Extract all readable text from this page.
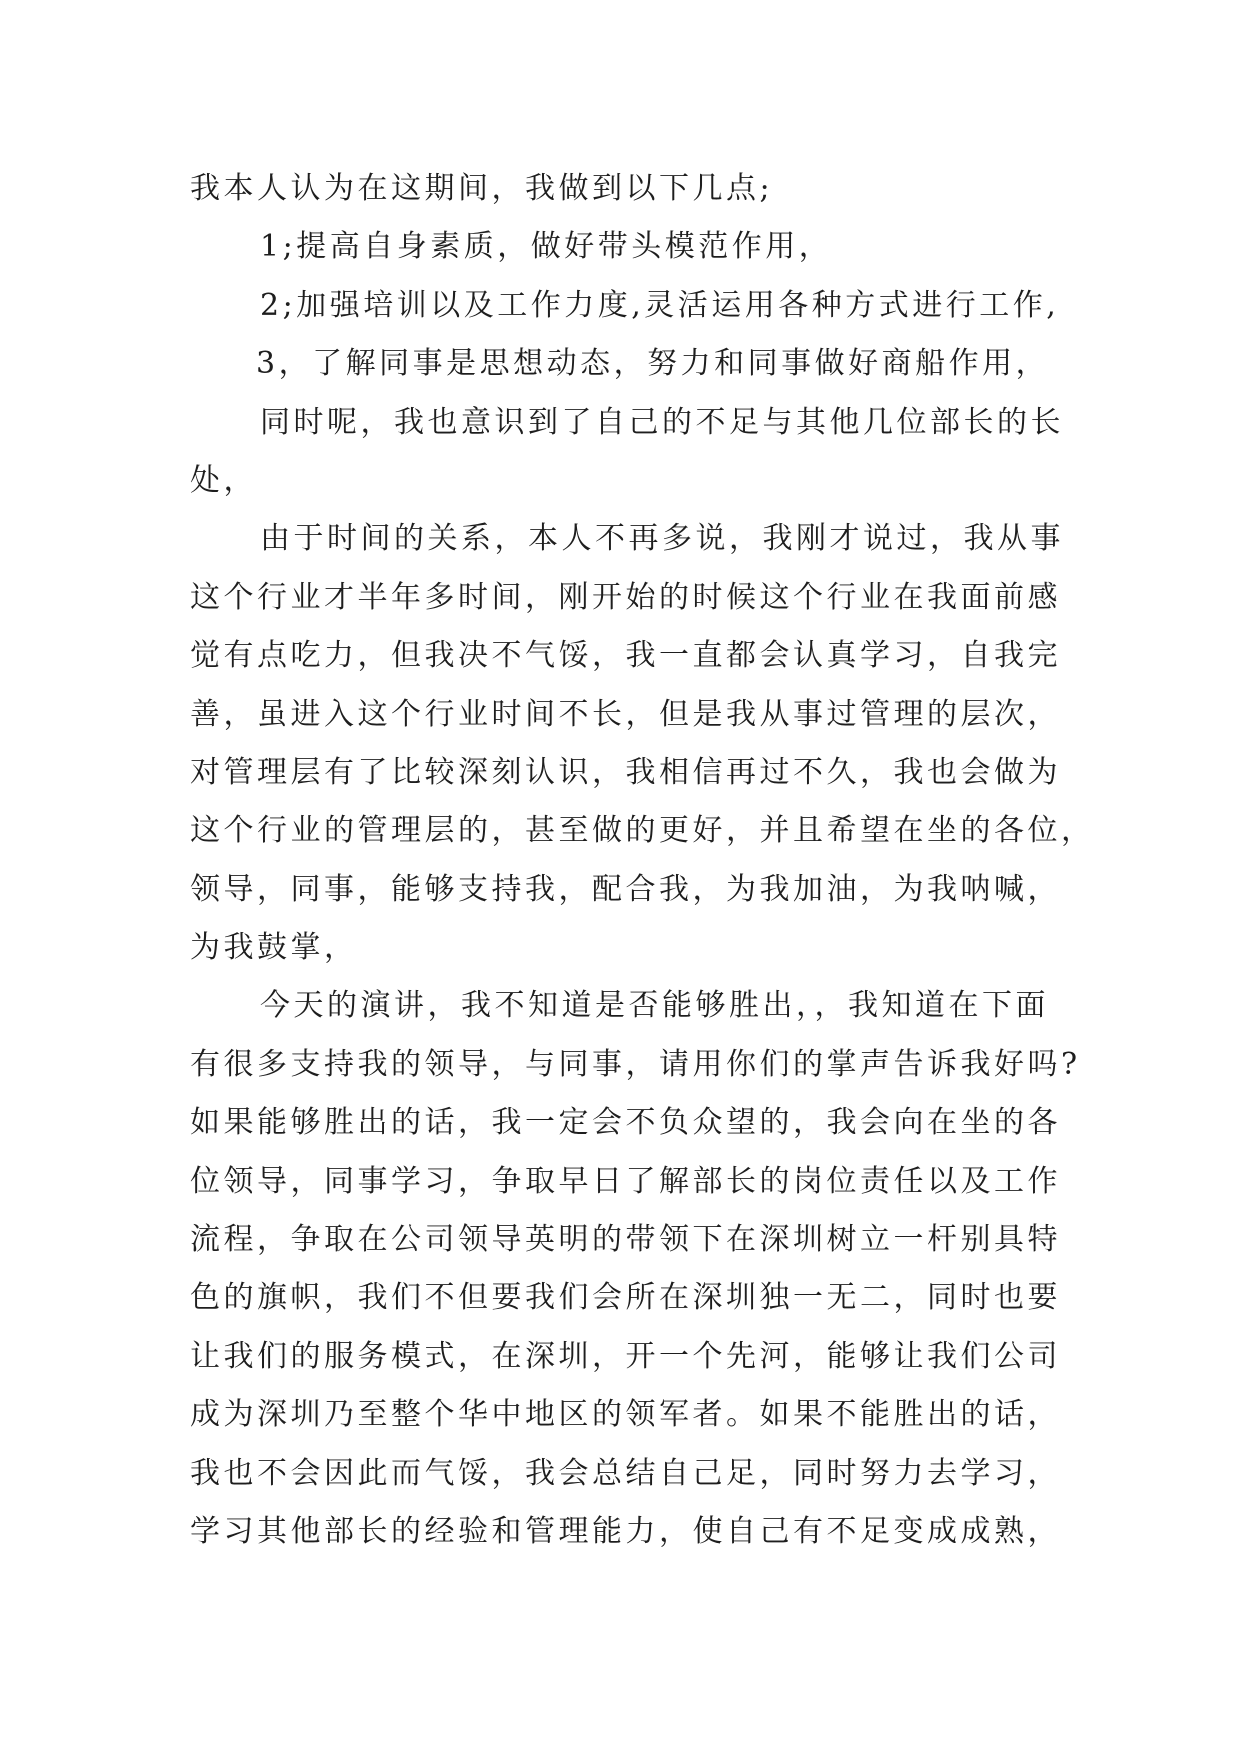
我本人认为在这期间，我做到以下几点;
1;提高自身素质，做好带头模范作用，
2;加强培训以及工作力度,灵活运用各种方式进行工作,
3，了解同事是思想动态，努力和同事做好商船作用，
同时呢，我也意识到了自己的不足与其他几位部长的长
处，
由于时间的关系，本人不再多说，我刚才说过，我从事
这个行业才半年多时间，刚开始的时候这个行业在我面前感
觉有点吃力，但我决不气馁，我一直都会认真学习，自我完
善，虽进入这个行业时间不长，但是我从事过管理的层次，
对管理层有了比较深刻认识，我相信再过不久，我也会做为
这个行业的管理层的，甚至做的更好，并且希望在坐的各位，
领导，同事，能够支持我，配合我，为我加油，为我呐喊，
为我鼓掌，
今天的演讲，我不知道是否能够胜出，，我知道在下面
有很多支持我的领导，与同事，请用你们的掌声告诉我好吗?
如果能够胜出的话，我一定会不负众望的，我会向在坐的各
位领导，同事学习，争取早日了解部长的岗位责任以及工作
流程，争取在公司领导英明的带领下在深圳树立一杆别具特
色的旗帜，我们不但要我们会所在深圳独一无二，同时也要
让我们的服务模式，在深圳，开一个先河，能够让我们公司
成为深圳乃至整个华中地区的领军者。如果不能胜出的话，
我也不会因此而气馁，我会总结自己足，同时努力去学习，
学习其他部长的经验和管理能力，使自己有不足变成成熟，
